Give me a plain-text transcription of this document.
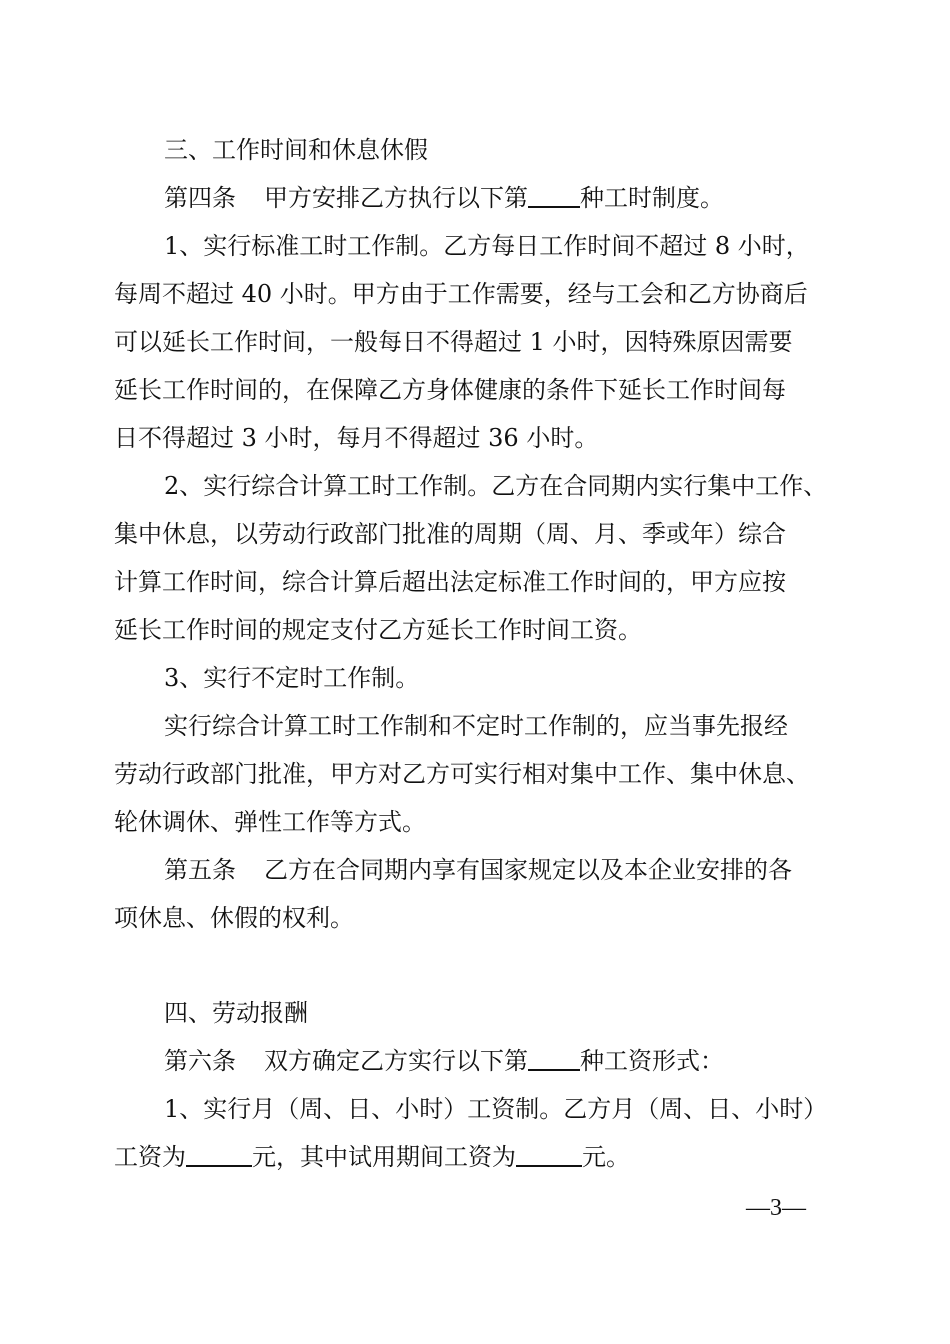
三、工作时间和休息休假
第四条 甲方安排乙方执行以下第 种工时制度。
1、实行标准工时工作制。乙方每日工作时间不超过 8 小时，
每周不超过 40 小时。甲方由于工作需要，经与工会和乙方协商后
可以延长工作时间，一般每日不得超过 1 小时，因特殊原因需要
延长工作时间的，在保障乙方身体健康的条件下延长工作时间每
日不得超过 3 小时，每月不得超过 36 小时。
2、实行综合计算工时工作制。乙方在合同期内实行集中工作、
集中休息，以劳动行政部门批准的周期（周、月、季或年）综合
计算工作时间，综合计算后超出法定标准工作时间的，甲方应按
延长工作时间的规定支付乙方延长工作时间工资。
3、实行不定时工作制。
实行综合计算工时工作制和不定时工作制的，应当事先报经
劳动行政部门批准，甲方对乙方可实行相对集中工作、集中休息、
轮休调休、弹性工作等方式。
第五条 乙方在合同期内享有国家规定以及本企业安排的各
项休息、休假的权利。
四、劳动报酬
第六条 双方确定乙方实行以下第 种工资形式：
1、实行月（周、日、小时）工资制。乙方月（周、日、小时）
工资为	元，其中试用期间工资为	元。
—3—
